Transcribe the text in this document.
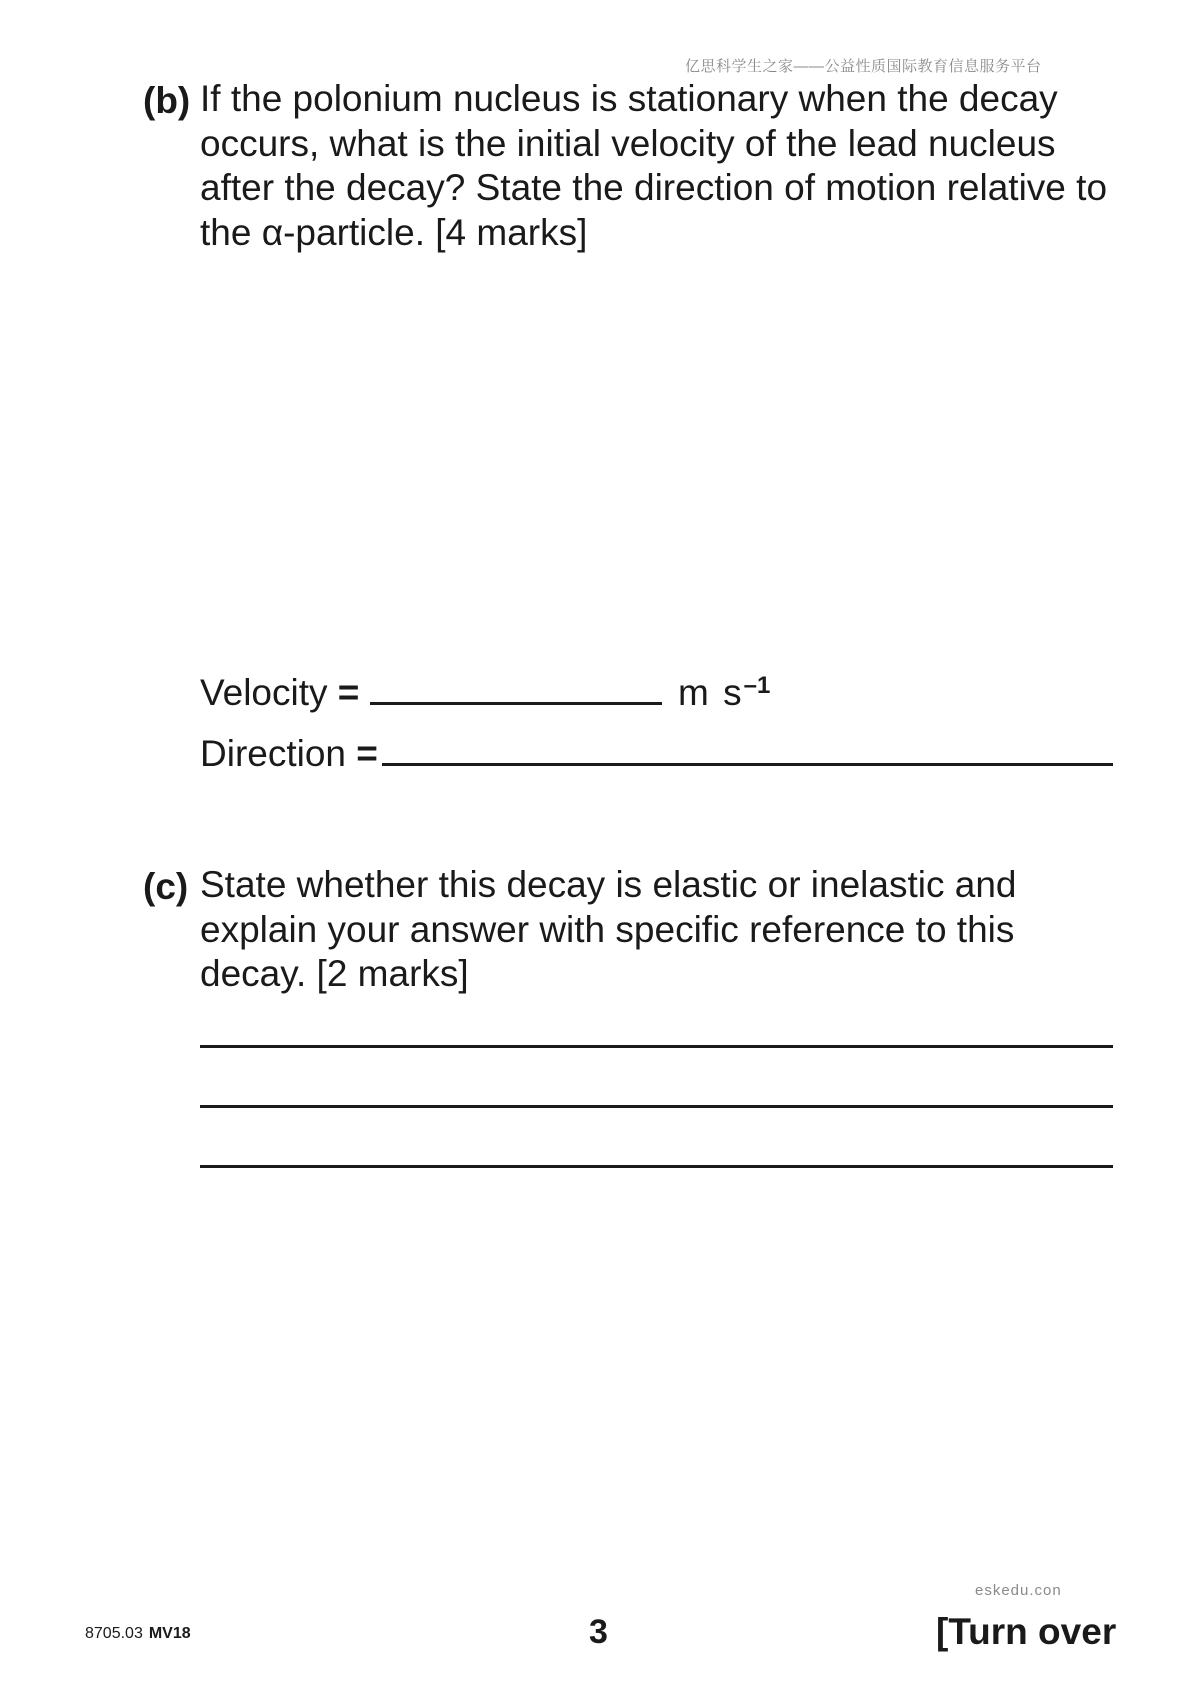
亿思科学生之家——公益性质国际教育信息服务平台
(b) If the polonium nucleus is stationary when the decay occurs, what is the initial velocity of the lead nucleus after the decay? State the direction of motion relative to the α-particle. [4 marks]
Velocity =	m $s^{-1}$
Direction =
(c) State whether this decay is elastic or inelastic and explain your answer with specific reference to this decay. [2 marks]
eskedu.con
8705.03 MV18	3	[Turn over
